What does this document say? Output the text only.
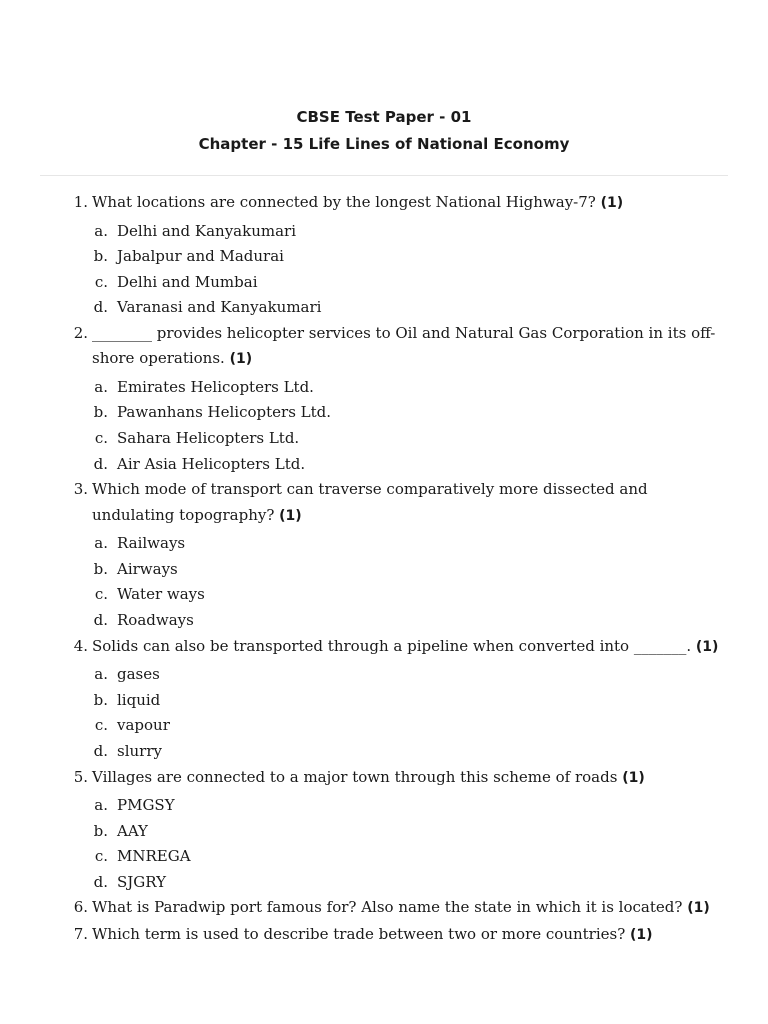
CBSE Test Paper - 01
Chapter - 15 Life Lines of National Economy
1. What locations are connected by the longest National Highway-7? (1)
a. Delhi and Kanyakumari
b. Jabalpur and Madurai
c. Delhi and Mumbai
d. Varanasi and Kanyakumari
2. ________ provides helicopter services to Oil and Natural Gas Corporation in its off-shore operations. (1)
a. Emirates Helicopters Ltd.
b. Pawanhans Helicopters Ltd.
c. Sahara Helicopters Ltd.
d. Air Asia Helicopters Ltd.
3. Which mode of transport can traverse comparatively more dissected and undulating topography? (1)
a. Railways
b. Airways
c. Water ways
d. Roadways
4. Solids can also be transported through a pipeline when converted into _______. (1)
a. gases
b. liquid
c. vapour
d. slurry
5. Villages are connected to a major town through this scheme of roads (1)
a. PMGSY
b. AAY
c. MNREGA
d. SJGRY
6. What is Paradwip port famous for? Also name the state in which it is located? (1)
7. Which term is used to describe trade between two or more countries? (1)
